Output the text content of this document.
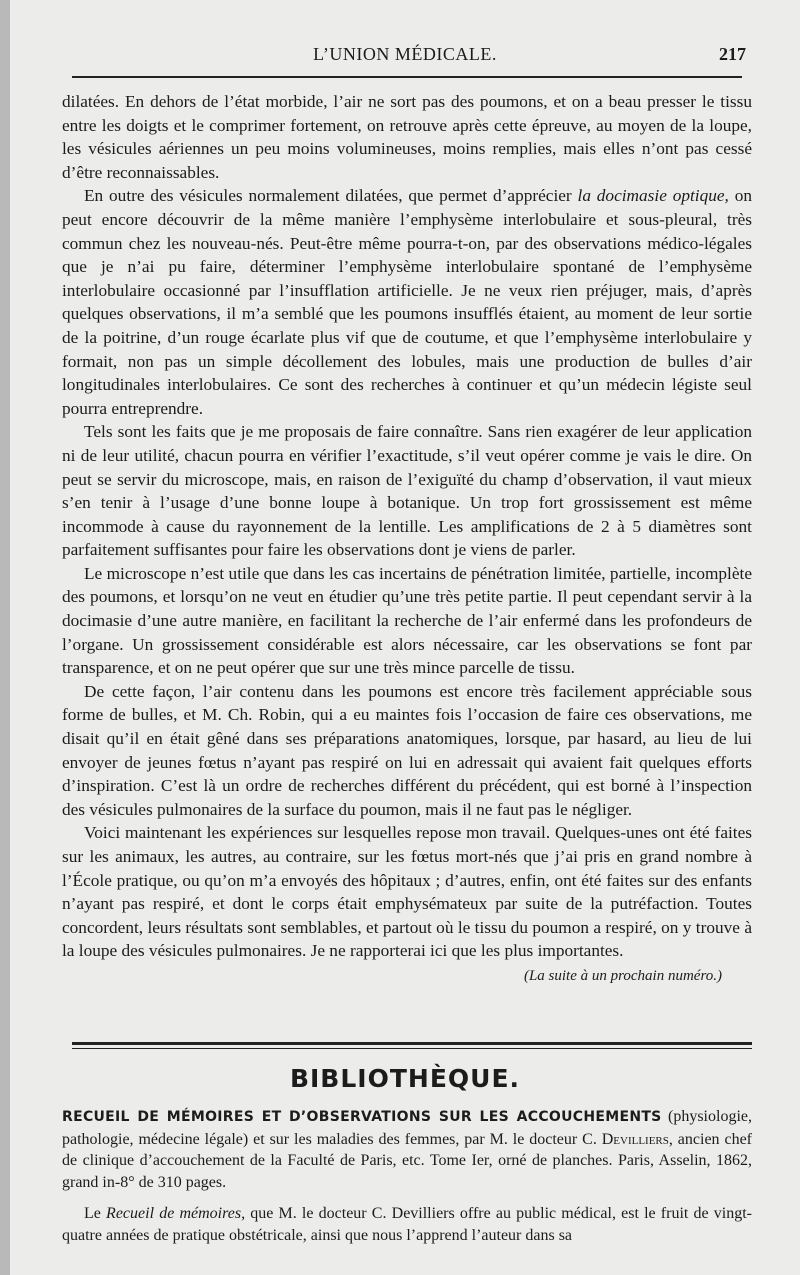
L’UNION MÉDICALE.	217

dilatées. En dehors de l’état morbide, l’air ne sort pas des poumons, et on a beau presser le tissu entre les doigts et le comprimer fortement, on retrouve après cette épreuve, au moyen de la loupe, les vésicules aériennes un peu moins volumineuses, moins remplies, mais elles n’ont pas cessé d’être reconnaissables.

En outre des vésicules normalement dilatées, que permet d’apprécier la docimasie optique, on peut encore découvrir de la même manière l’emphysème interlobulaire et sous-pleural, très commun chez les nouveau-nés. Peut-être même pourra-t-on, par des observations médico-légales que je n’ai pu faire, déterminer l’emphysème interlobulaire spontané de l’emphysème interlobulaire occasionné par l’insufflation artificielle. Je ne veux rien préjuger, mais, d’après quelques observations, il m’a semblé que les poumons insufflés étaient, au moment de leur sortie de la poitrine, d’un rouge écarlate plus vif que de coutume, et que l’emphysème interlobulaire y formait, non pas un simple décollement des lobules, mais une production de bulles d’air longitudinales interlobulaires. Ce sont des recherches à continuer et qu’un médecin légiste seul pourra entreprendre.

Tels sont les faits que je me proposais de faire connaître. Sans rien exagérer de leur application ni de leur utilité, chacun pourra en vérifier l’exactitude, s’il veut opérer comme je vais le dire. On peut se servir du microscope, mais, en raison de l’exiguïté du champ d’observation, il vaut mieux s’en tenir à l’usage d’une bonne loupe à botanique. Un trop fort grossissement est même incommode à cause du rayonnement de la lentille. Les amplifications de 2 à 5 diamètres sont parfaitement suffisantes pour faire les observations dont je viens de parler.

Le microscope n’est utile que dans les cas incertains de pénétration limitée, partielle, incomplète des poumons, et lorsqu’on ne veut en étudier qu’une très petite partie. Il peut cependant servir à la docimasie d’une autre manière, en facilitant la recherche de l’air enfermé dans les profondeurs de l’organe. Un grossissement considérable est alors nécessaire, car les observations se font par transparence, et on ne peut opérer que sur une très mince parcelle de tissu.

De cette façon, l’air contenu dans les poumons est encore très facilement appréciable sous forme de bulles, et M. Ch. Robin, qui a eu maintes fois l’occasion de faire ces observations, me disait qu’il en était gêné dans ses préparations anatomiques, lorsque, par hasard, au lieu de lui envoyer de jeunes fœtus n’ayant pas respiré on lui en adressait qui avaient fait quelques efforts d’inspiration. C’est là un ordre de recherches différent du précédent, qui est borné à l’inspection des vésicules pulmonaires de la surface du poumon, mais il ne faut pas le négliger.

Voici maintenant les expériences sur lesquelles repose mon travail. Quelques-unes ont été faites sur les animaux, les autres, au contraire, sur les fœtus mort-nés que j’ai pris en grand nombre à l’École pratique, ou qu’on m’a envoyés des hôpitaux ; d’autres, enfin, ont été faites sur des enfants n’ayant pas respiré, et dont le corps était emphysémateux par suite de la putréfaction. Toutes concordent, leurs résultats sont semblables, et partout où le tissu du poumon a respiré, on y trouve à la loupe des vésicules pulmonaires. Je ne rapporterai ici que les plus importantes.

(La suite à un prochain numéro.)
BIBLIOTHÈQUE.

RECUEIL DE MÉMOIRES ET D’OBSERVATIONS SUR LES ACCOUCHEMENTS (physiologie, pathologie, médecine légale) et sur les maladies des femmes, par M. le docteur C. Devilliers, ancien chef de clinique d’accouchement de la Faculté de Paris, etc. Tome Ier, orné de planches. Paris, Asselin, 1862, grand in-8° de 310 pages.

Le Recueil de mémoires, que M. le docteur C. Devilliers offre au public médical, est le fruit de vingt-quatre années de pratique obstétricale, ainsi que nous l’apprend l’auteur dans sa
